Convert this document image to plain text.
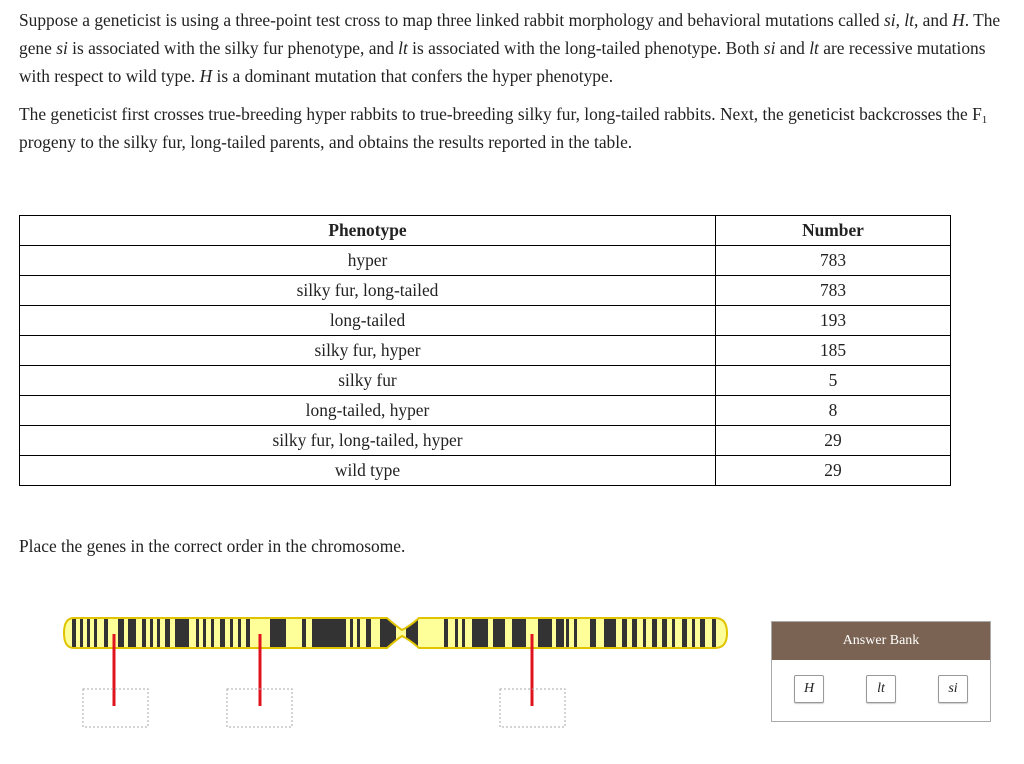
Suppose a geneticist is using a three-point test cross to map three linked rabbit morphology and behavioral mutations called si, lt, and H. The gene si is associated with the silky fur phenotype, and lt is associated with the long-tailed phenotype. Both si and lt are recessive mutations with respect to wild type. H is a dominant mutation that confers the hyper phenotype.

The geneticist first crosses true-breeding hyper rabbits to true-breeding silky fur, long-tailed rabbits. Next, the geneticist backcrosses the $F_1$ progeny to the silky fur, long-tailed parents, and obtains the results reported in the table.

Phenotype	Number
hyper	783
silky fur, long-tailed	783
long-tailed	193
silky fur, hyper	185
silky fur	5
long-tailed, hyper	8
silky fur, long-tailed, hyper	29
wild type	29

Place the genes in the correct order in the chromosome.

Answer Bank
H	lt	si
